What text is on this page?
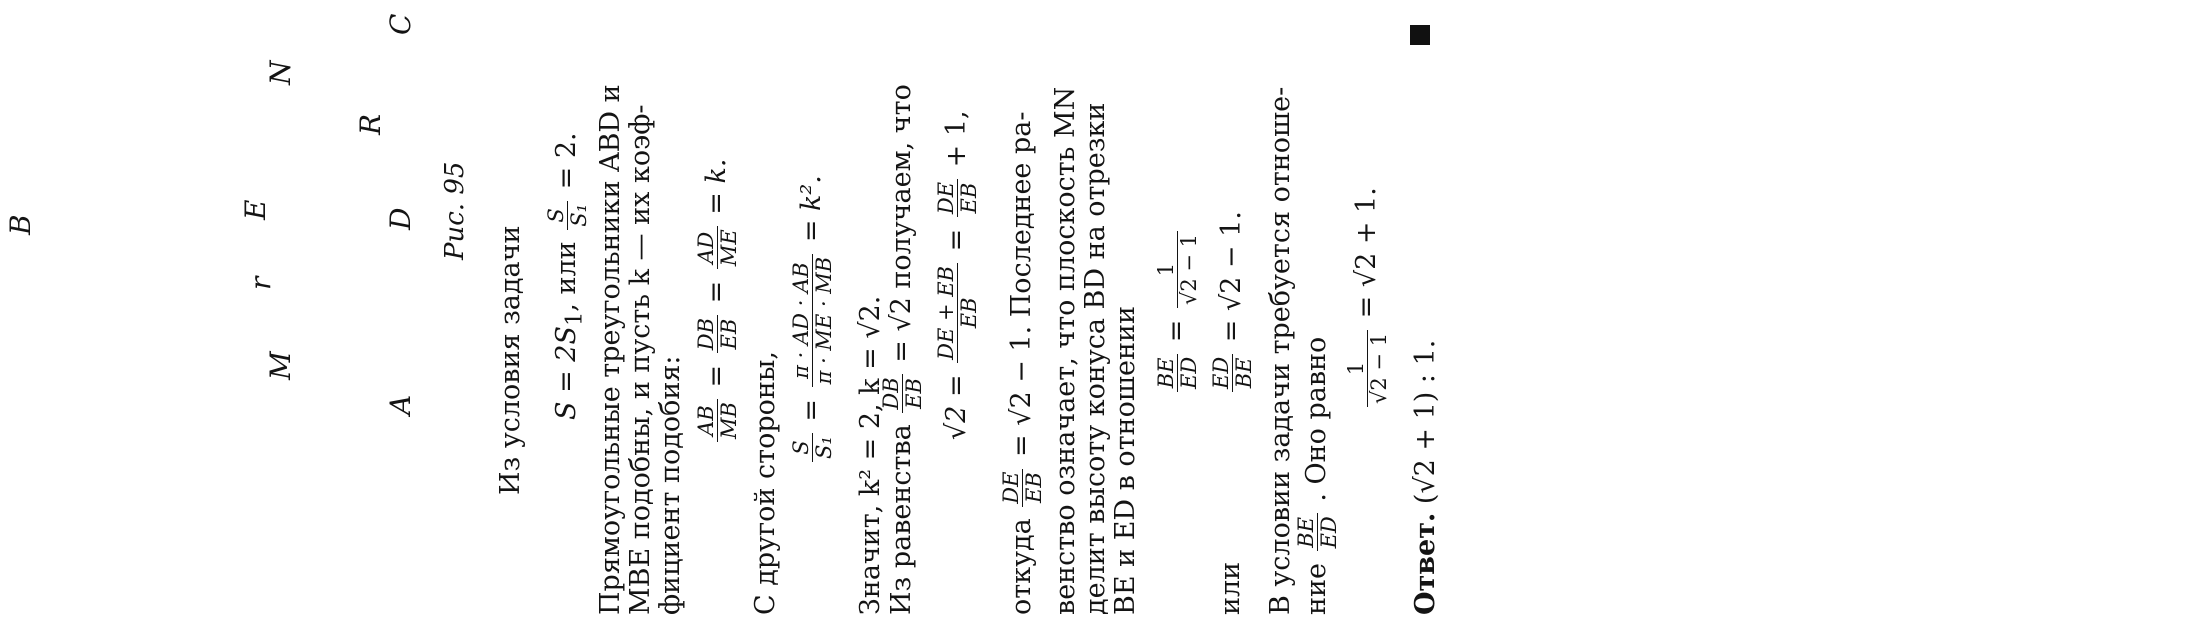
B
A
C
D
E
M
N
r
R
Рис. 95
Из условия задачи $S = 2S_1$, или
S S₁
= 2. Прямоугольные треугольники ABD и MBE подобны, и пусть k — их коэф- фициент подобия: AB MB
=
DB EB
=
AD ME
= k.
С другой стороны, S S₁
=
π · AD · AB π · ME · MB
= k².
Значит, k² = 2, k = √2. Из равенства
DB EB
= √2 получаем, что
√2 =
DE + EB EB
=
DE EB
+ 1,
откуда
DE EB
= √2 − 1. Последнее ра- венство означает, что плоскость MN делит высоту конуса BD на отрезки BE и ED в отношении BE ED
=
1 √2 − 1
или
ED BE
= √2 − 1. В условии задачи требуется отноше- ние
BE ED
. Оно равно 1 √2 − 1
= √2 + 1.
Ответ. (√2 + 1) : 1.
